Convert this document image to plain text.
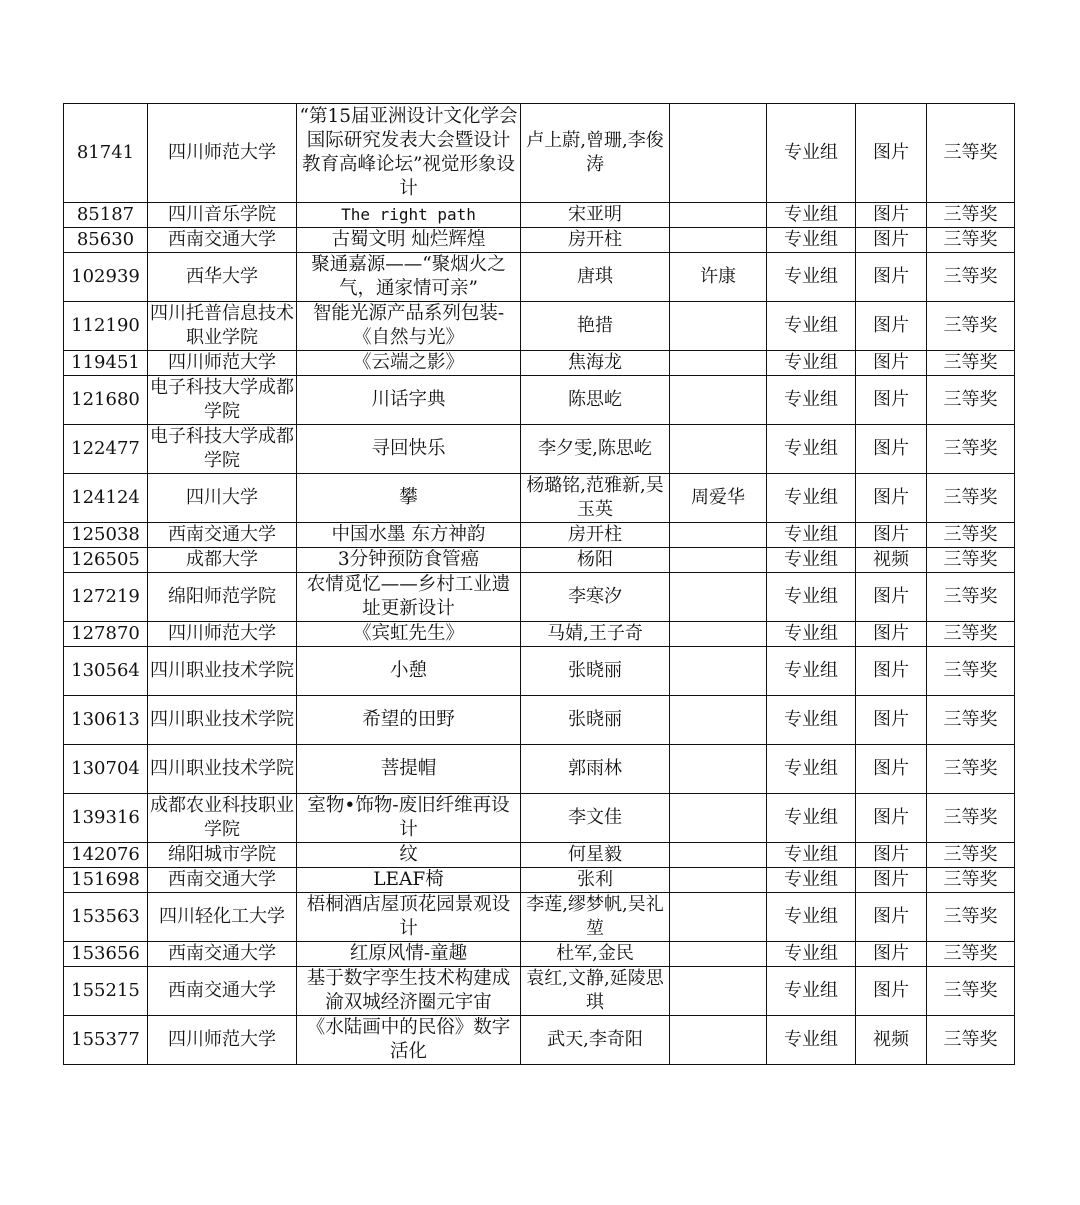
81741	四川师范大学	“第15届亚洲设计文化学会国际研究发表大会暨设计教育高峰论坛”视觉形象设计	卢上蔚,曾珊,李俊涛		专业组	图片	三等奖
85187	四川音乐学院	The right path	宋亚明		专业组	图片	三等奖
85630	西南交通大学	古蜀文明 灿烂辉煌	房开柱		专业组	图片	三等奖
102939	西华大学	聚通嘉源——“聚烟火之气，通家情可亲”	唐琪	许康	专业组	图片	三等奖
112190	四川托普信息技术职业学院	智能光源产品系列包装-《自然与光》	艳措		专业组	图片	三等奖
119451	四川师范大学	《云端之影》	焦海龙		专业组	图片	三等奖
121680	电子科技大学成都学院	川话字典	陈思屹		专业组	图片	三等奖
122477	电子科技大学成都学院	寻回快乐	李夕雯,陈思屹		专业组	图片	三等奖
124124	四川大学	攀	杨璐铭,范雅新,吴玉英	周爱华	专业组	图片	三等奖
125038	西南交通大学	中国水墨 东方神韵	房开柱		专业组	图片	三等奖
126505	成都大学	3分钟预防食管癌	杨阳		专业组	视频	三等奖
127219	绵阳师范学院	农情觅忆——乡村工业遗址更新设计	李寒汐		专业组	图片	三等奖
127870	四川师范大学	《宾虹先生》	马婧,王子奇		专业组	图片	三等奖
130564	四川职业技术学院	小憩	张晓丽		专业组	图片	三等奖
130613	四川职业技术学院	希望的田野	张晓丽		专业组	图片	三等奖
130704	四川职业技术学院	菩提帽	郭雨林		专业组	图片	三等奖
139316	成都农业科技职业学院	室物•饰物-废旧纤维再设计	李文佳		专业组	图片	三等奖
142076	绵阳城市学院	纹	何星毅		专业组	图片	三等奖
151698	西南交通大学	LEAF椅	张利		专业组	图片	三等奖
153563	四川轻化工大学	梧桐酒店屋顶花园景观设计	李莲,缪梦帆,吴礼堃		专业组	图片	三等奖
153656	西南交通大学	红原风情-童趣	杜军,金民		专业组	图片	三等奖
155215	西南交通大学	基于数字孪生技术构建成渝双城经济圈元宇宙	袁红,文静,延陵思琪		专业组	图片	三等奖
155377	四川师范大学	《水陆画中的民俗》数字活化	武天,李奇阳		专业组	视频	三等奖
